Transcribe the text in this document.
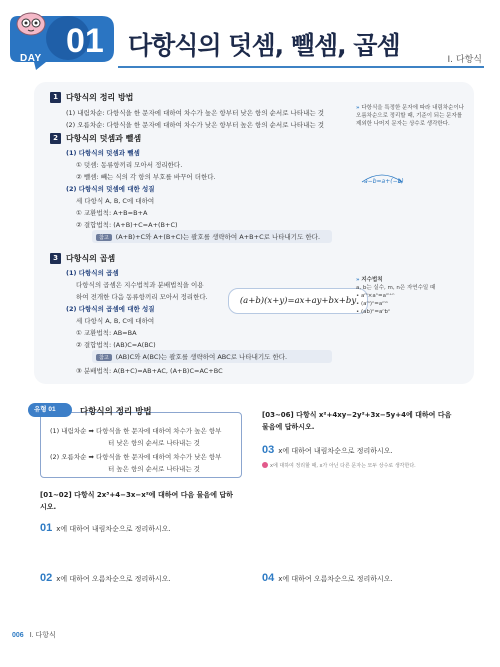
DAY 01 다항식의 덧셈, 뺄셈, 곱셈	I. 다항식
1	다항식의 정리 방법
(1) 내림차순: 다항식을 한 문자에 대하여 차수가 높은 항부터 낮은 항의 순서로 나타내는 것
(2) 오름차순: 다항식을 한 문자에 대하여 차수가 낮은 항부터 높은 항의 순서로 나타내는 것
» 다항식을 특정한 문자에 따라 내림차순이나 오름차순으로 정리할 때, 기준이 되는 문자를 제외한 나머지 문자는 상수로 생각한다.
2	다항식의 덧셈과 뺄셈
(1) 다항식의 덧셈과 뺄셈
① 덧셈: 동류항끼리 모아서 정리한다.
② 뺄셈: 빼는 식의 각 항의 부호를 바꾸어 더한다.
(2) 다항식의 덧셈에 대한 성질
세 다항식 A, B, C에 대하여
① 교환법칙: A+B=B+A
② 결합법칙: (A+B)+C=A+(B+C)
참고 (A+B)+C와 A+(B+C)는 괄호를 생략하여 A+B+C로 나타내기도 한다.
a−b=a+(−b)
3	다항식의 곱셈
(1) 다항식의 곱셈
다항식의 곱셈은 지수법칙과 분배법칙을 이용
하여 전개한 다음 동류항끼리 모아서 정리한다.
(2) 다항식의 곱셈에 대한 성질
세 다항식 A, B, C에 대하여
① 교환법칙: AB=BA
② 결합법칙: (AB)C=A(BC)
참고 (AB)C와 A(BC)는 괄호를 생략하여 ABC로 나타내기도 한다.
③ 분배법칙: A(B+C)=AB+AC, (A+B)C=AC+BC
(a+b)(x+y)=ax+ay+bx+by
» 지수법칙
a, b는 실수, m, n은 자연수일 때
• aᵐ×aⁿ=aᵐ⁺ⁿ
• (aᵐ)ⁿ=aᵐⁿ
• (ab)ⁿ=aⁿbⁿ
유형 01	다항식의 정리 방법
(1) 내림차순 ➡ 다항식을 한 문자에 대하여 차수가 높은 항부
터 낮은 항의 순서로 나타내는 것
(2) 오름차순 ➡ 다항식을 한 문자에 대하여 차수가 낮은 항부
터 높은 항의 순서로 나타내는 것
[01~02] 다항식 2x³+4−3x−x²에 대하여 다음 물음에 답하
시오.
01 x에 대하여 내림차순으로 정리하시오.
02 x에 대하여 오름차순으로 정리하시오.
[03~06] 다항식 x²+4xy−2y²+3x−5y+4에 대하여 다음
물음에 답하시오.
03 x에 대하여 내림차순으로 정리하시오.
x에 대하여 정리할 때, x가 아닌 다른 문자는 모두 상수로 생각한다.
04 x에 대하여 오름차순으로 정리하시오.
006 I. 다항식
